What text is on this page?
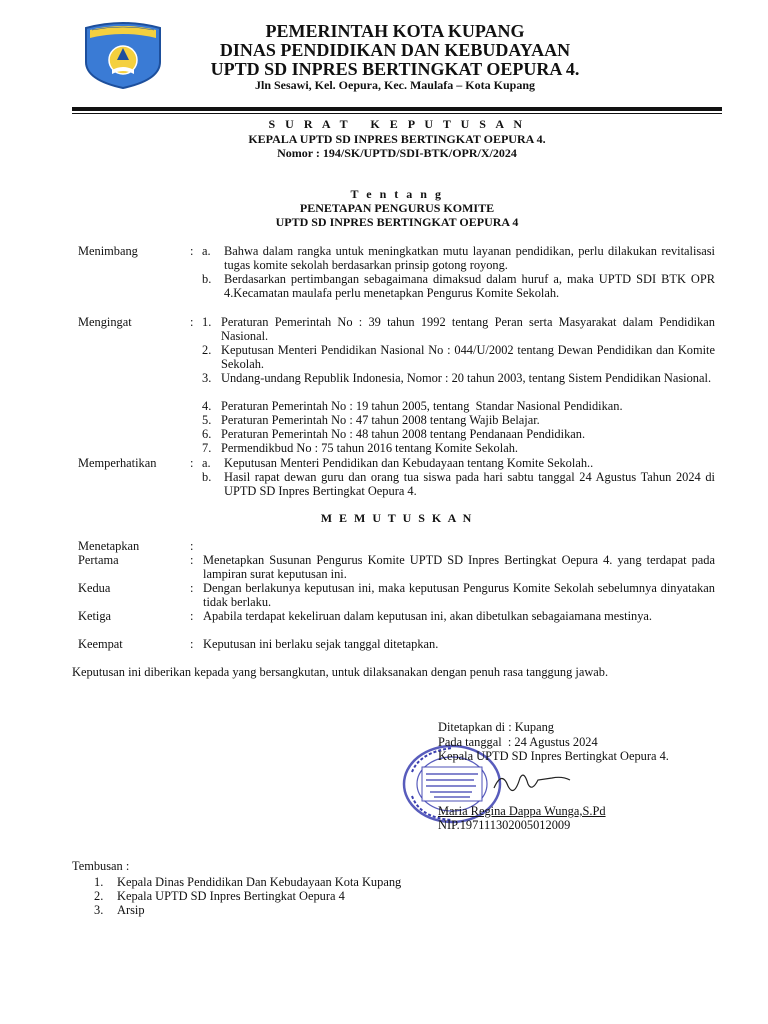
PEMERINTAH KOTA KUPANG
DINAS PENDIDIKAN DAN KEBUDAYAAN
UPTD SD INPRES BERTINGKAT OEPURA 4.
Jln Sesawi, Kel. Oepura, Kec. Maulafa – Kota Kupang
S U R A T   K E P U T U S A N
KEPALA UPTD SD INPRES BERTINGKAT OEPURA 4.
Nomor : 194/SK/UPTD/SDI-BTK/OPR/X/2024
T e n t a n g
PENETAPAN PENGURUS KOMITE
UPTD SD INPRES BERTINGKAT OEPURA 4
Menimbang	: a. Bahwa dalam rangka untuk meningkatkan mutu layanan pendidikan, perlu dilakukan revitalisasi tugas komite sekolah berdasarkan prinsip gotong royong.
b. Berdasarkan pertimbangan sebagaimana dimaksud dalam huruf a, maka UPTD SDI BTK OPR 4.Kecamatan maulafa perlu menetapkan Pengurus Komite Sekolah.
Mengingat	: 1. Peraturan Pemerintah No : 39 tahun 1992 tentang Peran serta Masyarakat dalam Pendidikan Nasional.
2. Keputusan Menteri Pendidikan Nasional No : 044/U/2002 tentang Dewan Pendidikan dan Komite Sekolah.
3. Undang-undang Republik Indonesia, Nomor : 20 tahun 2003, tentang Sistem Pendidikan Nasional.
4. Peraturan Pemerintah No : 19 tahun 2005, tentang  Standar Nasional Pendidikan.
5. Peraturan Pemerintah No : 47 tahun 2008 tentang Wajib Belajar.
6. Peraturan Pemerintah No : 48 tahun 2008 tentang Pendanaan Pendidikan.
7. Permendikbud No : 75 tahun 2016 tentang Komite Sekolah.
Memperhatikan	: a. Keputusan Menteri Pendidikan dan Kebudayaan tentang Komite Sekolah..
b. Hasil rapat dewan guru dan orang tua siswa pada hari sabtu tanggal 24 Agustus Tahun 2024 di UPTD SD Inpres Bertingkat Oepura 4.
M E M U T U S K A N
Menetapkan	:
Pertama	: Menetapkan Susunan Pengurus Komite UPTD SD Inpres Bertingkat Oepura 4. yang terdapat pada lampiran surat keputusan ini.
Kedua	: Dengan berlakunya keputusan ini, maka keputusan Pengurus Komite Sekolah sebelumnya dinyatakan tidak berlaku.
Ketiga	: Apabila terdapat kekeliruan dalam keputusan ini, akan dibetulkan sebagaiamana mestinya.
Keempat	: Keputusan ini berlaku sejak tanggal ditetapkan.
Keputusan ini diberikan kepada yang bersangkutan, untuk dilaksanakan dengan penuh rasa tanggung jawab.
Ditetapkan di : Kupang
Pada tanggal  : 24 Agustus 2024
Kepala UPTD SD Inpres Bertingkat Oepura 4.
Maria Regina Dappa Wunga,S.Pd
NIP.197111302005012009
Tembusan :
1. Kepala Dinas Pendidikan Dan Kebudayaan Kota Kupang
2. Kepala UPTD SD Inpres Bertingkat Oepura 4
3. Arsip
